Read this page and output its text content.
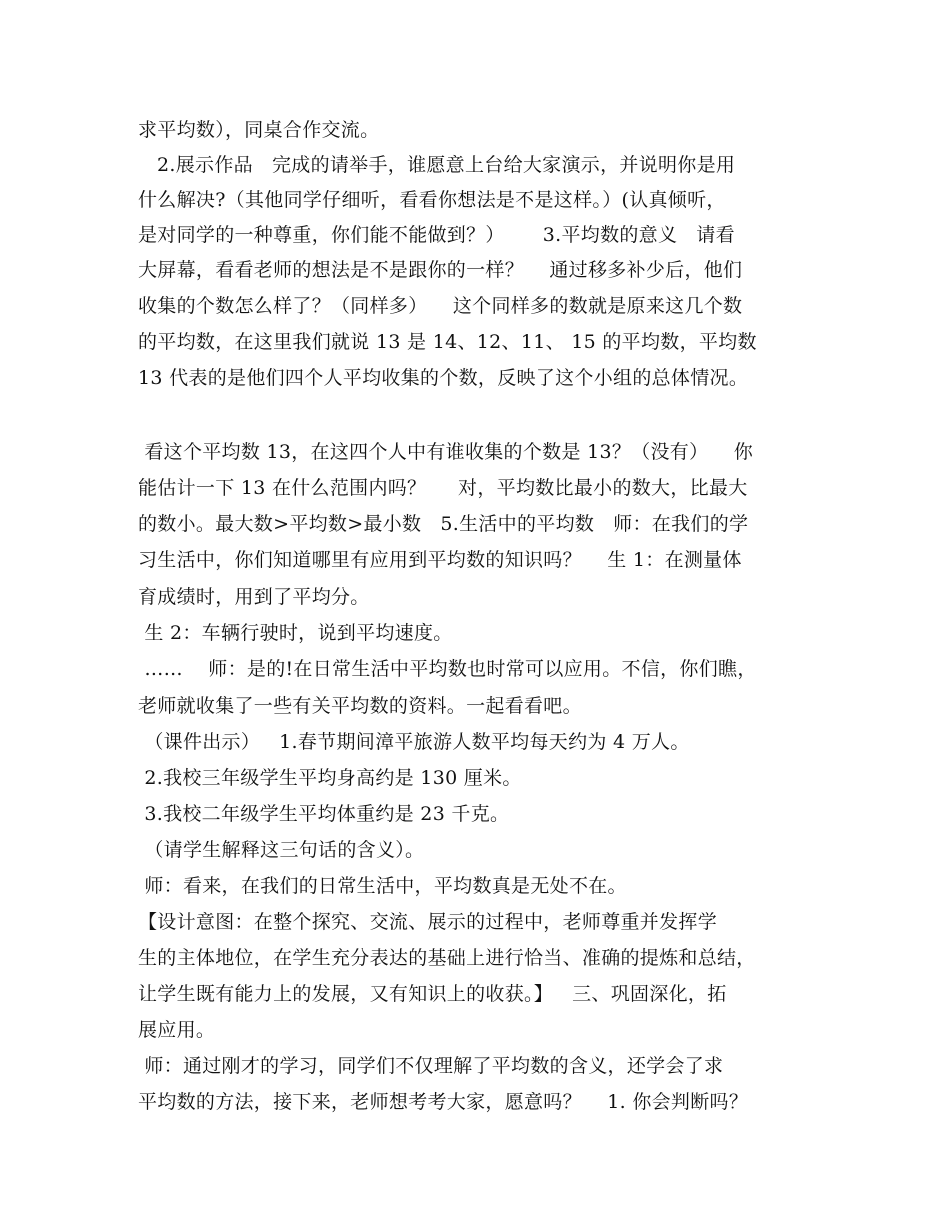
求平均数），同桌合作交流。
2.展示作品   完成的请举手，谁愿意上台给大家演示，并说明你是用
什么解决?（其他同学仔细听，看看你想法是不是这样。）(认真倾听，
是对同学的一种尊重，你们能不能做到？）      3.平均数的意义   请看
大屏幕，看看老师的想法是不是跟你的一样？    通过移多补少后，他们
收集的个数怎么样了？（同样多）    这个同样多的数就是原来这几个数
的平均数，在这里我们就说 13 是 14、12、11、 15 的平均数，平均数
13 代表的是他们四个人平均收集的个数，反映了这个小组的总体情况。
看这个平均数 13，在这四个人中有谁收集的个数是 13？（没有）    你
能估计一下 13 在什么范围内吗？     对，平均数比最小的数大，比最大
的数小。最大数>平均数>最小数   5.生活中的平均数   师：在我们的学
习生活中，你们知道哪里有应用到平均数的知识吗？    生 1：在测量体
育成绩时，用到了平均分。
生 2：车辆行驶时，说到平均速度。
……    师：是的!在日常生活中平均数也时常可以应用。不信，你们瞧，
老师就收集了一些有关平均数的资料。一起看看吧。
（课件出示）   1.春节期间漳平旅游人数平均每天约为 4 万人。
2.我校三年级学生平均身高约是 130 厘米。
3.我校二年级学生平均体重约是 23 千克。
（请学生解释这三句话的含义）。
师：看来，在我们的日常生活中，平均数真是无处不在。
【设计意图：在整个探究、交流、展示的过程中，老师尊重并发挥学
生的主体地位，在学生充分表达的基础上进行恰当、准确的提炼和总结，
让学生既有能力上的发展，又有知识上的收获。】   三、巩固深化，拓
展应用。
师：通过刚才的学习，同学们不仅理解了平均数的含义，还学会了求
平均数的方法，接下来，老师想考考大家，愿意吗？    1. 你会判断吗？
